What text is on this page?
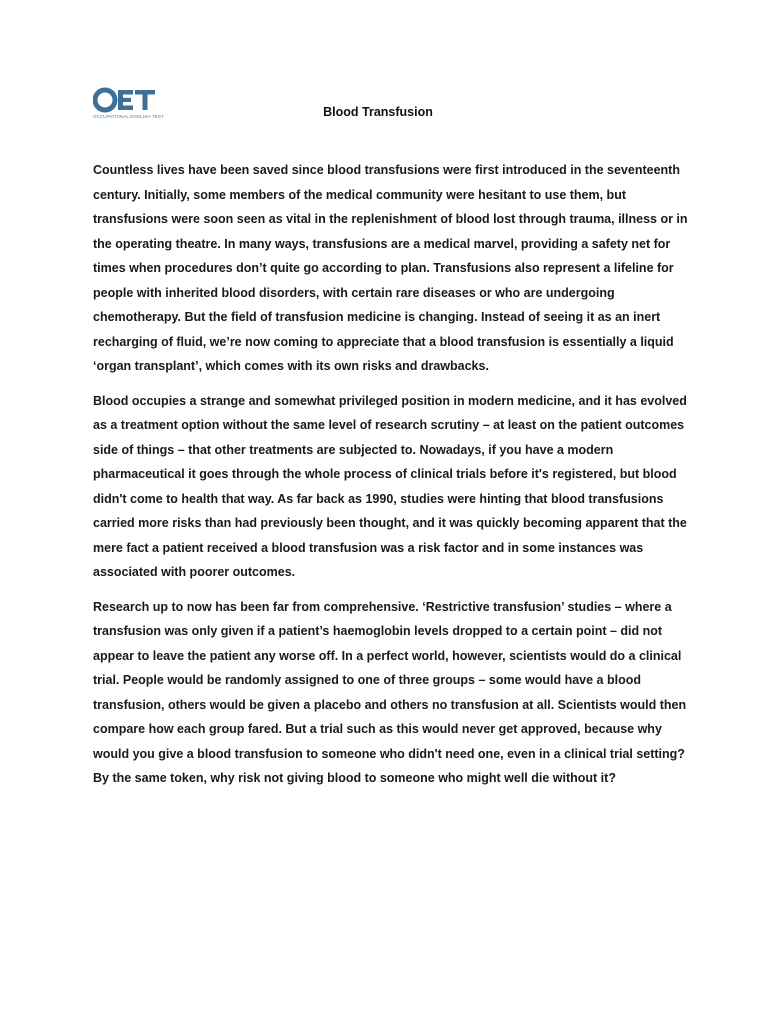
OCCUPATIONAL ENGLISH TEST	Blood Transfusion
Countless lives have been saved since blood transfusions were first introduced in the seventeenth
century. Initially, some members of the medical community were hesitant to use them, but
transfusions were soon seen as vital in the replenishment of blood lost through trauma, illness or in
the operating theatre. In many ways, transfusions are a medical marvel, providing a safety net for
times when procedures don’t quite go according to plan. Transfusions also represent a lifeline for
people with inherited blood disorders, with certain rare diseases or who are undergoing
chemotherapy. But the field of transfusion medicine is changing. Instead of seeing it as an inert
recharging of fluid, we’re now coming to appreciate that a blood transfusion is essentially a liquid
‘organ transplant’, which comes with its own risks and drawbacks.
Blood occupies a strange and somewhat privileged position in modern medicine, and it has evolved
as a treatment option without the same level of research scrutiny – at least on the patient outcomes
side of things – that other treatments are subjected to. Nowadays, if you have a modern
pharmaceutical it goes through the whole process of clinical trials before it's registered, but blood
didn't come to health that way. As far back as 1990, studies were hinting that blood transfusions
carried more risks than had previously been thought, and it was quickly becoming apparent that the
mere fact a patient received a blood transfusion was a risk factor and in some instances was
associated with poorer outcomes.
Research up to now has been far from comprehensive. ‘Restrictive transfusion’ studies – where a
transfusion was only given if a patient’s haemoglobin levels dropped to a certain point – did not
appear to leave the patient any worse off. In a perfect world, however, scientists would do a clinical
trial. People would be randomly assigned to one of three groups – some would have a blood
transfusion, others would be given a placebo and others no transfusion at all. Scientists would then
compare how each group fared. But a trial such as this would never get approved, because why
would you give a blood transfusion to someone who didn't need one, even in a clinical trial setting?
By the same token, why risk not giving blood to someone who might well die without it?
